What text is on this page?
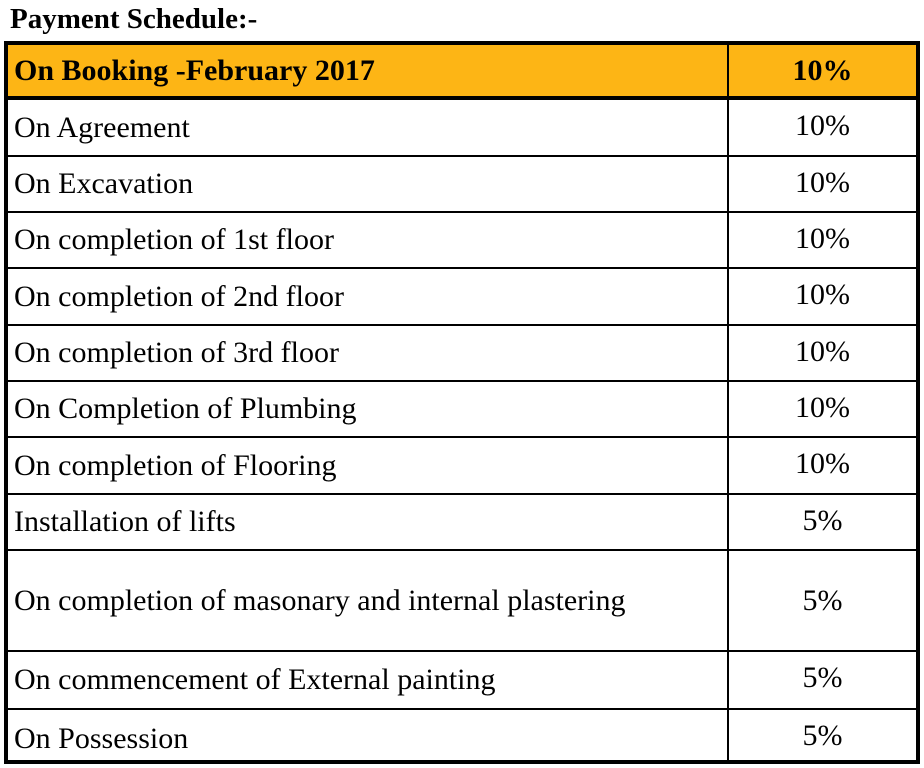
Payment Schedule:-
On Booking -February 2017	10%
On Agreement	10%
On Excavation	10%
On completion of 1st floor	10%
On completion of 2nd floor	10%
On completion of 3rd floor	10%
On Completion of Plumbing	10%
On completion of Flooring	10%
Installation of lifts	5%
On completion of masonary and internal plastering	5%
On commencement of External painting	5%
On Possession	5%
